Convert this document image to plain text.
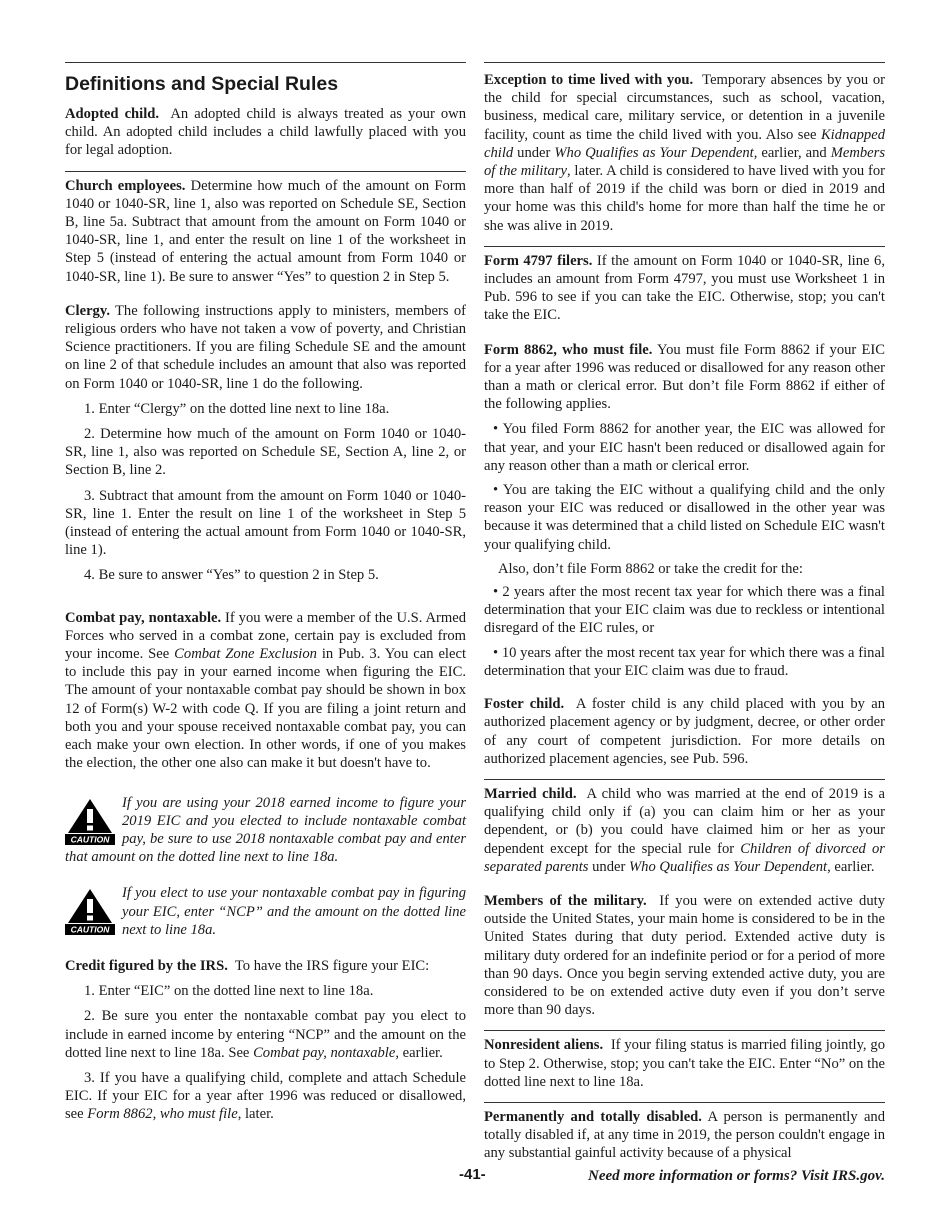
Definitions and Special Rules

Adopted child. An adopted child is always treated as your own child. An adopted child includes a child lawfully placed with you for legal adoption.

Church employees. Determine how much of the amount on Form 1040 or 1040-SR, line 1, also was reported on Schedule SE, Section B, line 5a. Subtract that amount from the amount on Form 1040 or 1040-SR, line 1, and enter the result on line 1 of the worksheet in Step 5 (instead of entering the actual amount from Form 1040 or 1040-SR, line 1). Be sure to answer “Yes” to question 2 in Step 5.

Clergy. The following instructions apply to ministers, members of religious orders who have not taken a vow of poverty, and Christian Science practitioners. If you are filing Schedule SE and the amount on line 2 of that schedule includes an amount that also was reported on Form 1040 or 1040-SR, line 1 do the following.

1. Enter “Clergy” on the dotted line next to line 18a.

2. Determine how much of the amount on Form 1040 or 1040-SR, line 1, also was reported on Schedule SE, Section A, line 2, or Section B, line 2.

3. Subtract that amount from the amount on Form 1040 or 1040-SR, line 1. Enter the result on line 1 of the worksheet in Step 5 (instead of entering the actual amount from Form 1040 or 1040-SR, line 1).

4. Be sure to answer “Yes” to question 2 in Step 5.

Combat pay, nontaxable. If you were a member of the U.S. Armed Forces who served in a combat zone, certain pay is excluded from your income. See Combat Zone Exclusion in Pub. 3. You can elect to include this pay in your earned income when figuring the EIC. The amount of your nontaxable combat pay should be shown in box 12 of Form(s) W-2 with code Q. If you are filing a joint return and both you and your spouse received nontaxable combat pay, you can each make your own election. In other words, if one of you makes the election, the other one also can make it but doesn't have to.

CAUTION
If you are using your 2018 earned income to figure your 2019 EIC and you elected to include nontaxable combat pay, be sure to use 2018 nontaxable combat pay and enter that amount on the dotted line next to line 18a.
CAUTION
If you elect to use your nontaxable combat pay in figuring your EIC, enter “NCP” and the amount on the dotted line next to line 18a.

Credit figured by the IRS. To have the IRS figure your EIC:

1. Enter “EIC” on the dotted line next to line 18a.

2. Be sure you enter the nontaxable combat pay you elect to include in earned income by entering “NCP” and the amount on the dotted line next to line 18a. See Combat pay, nontaxable, earlier.

3. If you have a qualifying child, complete and attach Schedule EIC. If your EIC for a year after 1996 was reduced or disallowed, see Form 8862, who must file, later.

Exception to time lived with you. Temporary absences by you or the child for special circumstances, such as school, vacation, business, medical care, military service, or detention in a juvenile facility, count as time the child lived with you. Also see Kidnapped child under Who Qualifies as Your Dependent, earlier, and Members of the military, later. A child is considered to have lived with you for more than half of 2019 if the child was born or died in 2019 and your home was this child's home for more than half the time he or she was alive in 2019.

Form 4797 filers. If the amount on Form 1040 or 1040-SR, line 6, includes an amount from Form 4797, you must use Worksheet 1 in Pub. 596 to see if you can take the EIC. Otherwise, stop; you can't take the EIC.

Form 8862, who must file. You must file Form 8862 if your EIC for a year after 1996 was reduced or disallowed for any reason other than a math or clerical error. But don’t file Form 8862 if either of the following applies.

• You filed Form 8862 for another year, the EIC was allowed for that year, and your EIC hasn't been reduced or disallowed again for any reason other than a math or clerical error.

• You are taking the EIC without a qualifying child and the only reason your EIC was reduced or disallowed in the other year was because it was determined that a child listed on Schedule EIC wasn't your qualifying child.

Also, don’t file Form 8862 or take the credit for the:

• 2 years after the most recent tax year for which there was a final determination that your EIC claim was due to reckless or intentional disregard of the EIC rules, or

• 10 years after the most recent tax year for which there was a final determination that your EIC claim was due to fraud.

Foster child. A foster child is any child placed with you by an authorized placement agency or by judgment, decree, or other order of any court of competent jurisdiction. For more details on authorized placement agencies, see Pub. 596.

Married child. A child who was married at the end of 2019 is a qualifying child only if (a) you can claim him or her as your dependent, or (b) you could have claimed him or her as your dependent except for the special rule for Children of divorced or separated parents under Who Qualifies as Your Dependent, earlier.

Members of the military. If you were on extended active duty outside the United States, your main home is considered to be in the United States during that duty period. Extended active duty is military duty ordered for an indefinite period or for a period of more than 90 days. Once you begin serving extended active duty, you are considered to be on extended active duty even if you don’t serve more than 90 days.

Nonresident aliens. If your filing status is married filing jointly, go to Step 2. Otherwise, stop; you can't take the EIC. Enter “No” on the dotted line next to line 18a.

Permanently and totally disabled. A person is permanently and totally disabled if, at any time in 2019, the person couldn't engage in any substantial gainful activity because of a physical

-41-	Need more information or forms? Visit IRS.gov.
